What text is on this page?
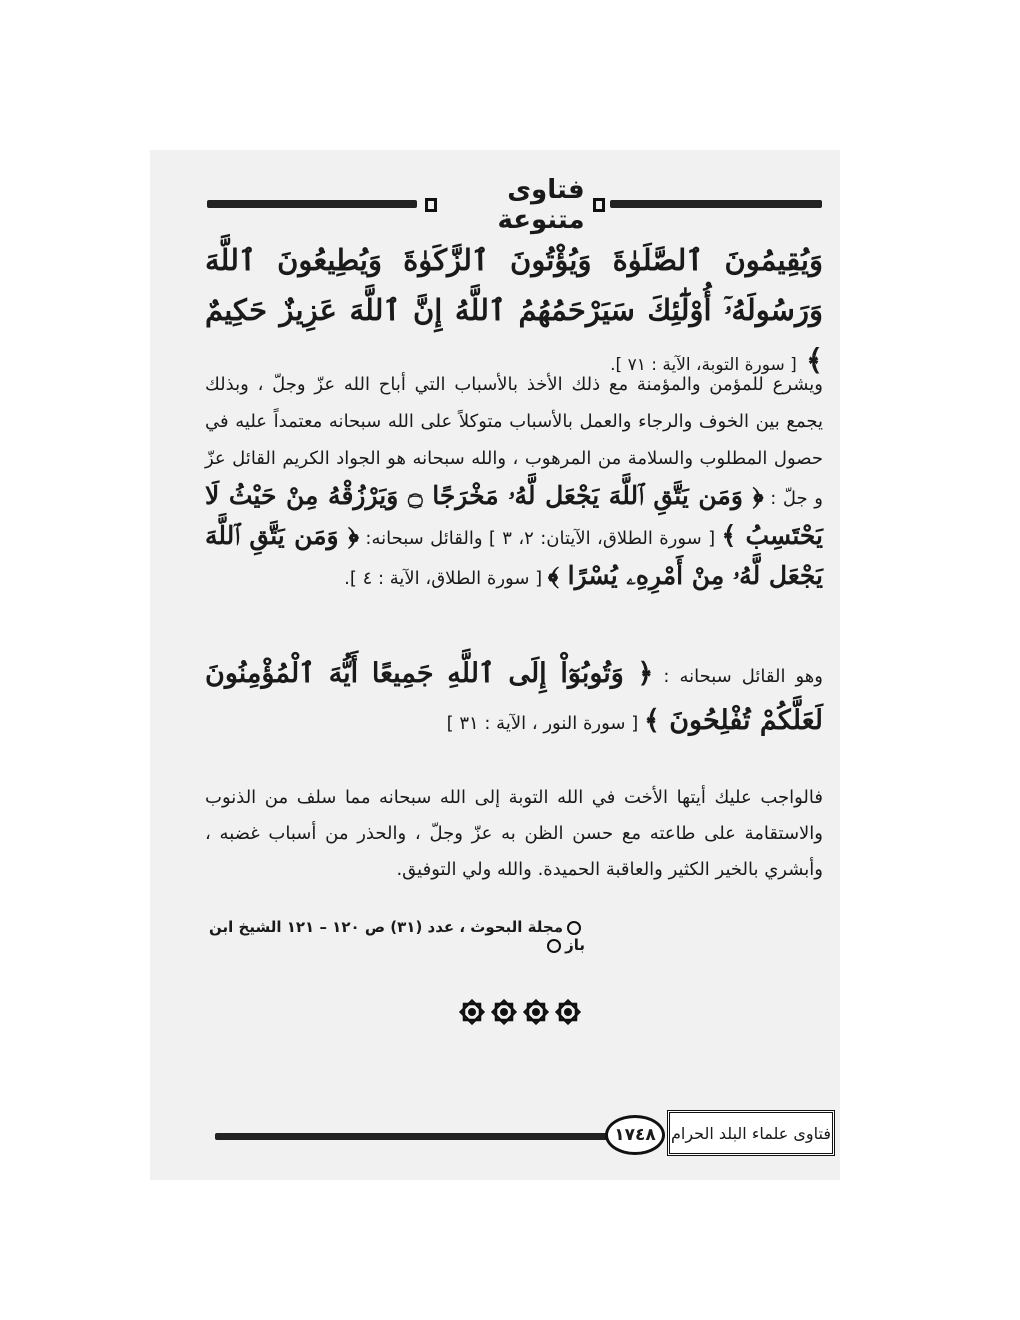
فتاوى متنوعة
وَيُقِيمُونَ ٱلصَّلَوٰةَ وَيُؤْتُونَ ٱلزَّكَوٰةَ وَيُطِيعُونَ ٱللَّهَ وَرَسُولَهُۥٓ أُوْلَٰٓئِكَ سَيَرْحَمُهُمُ ٱللَّهُ إِنَّ ٱللَّهَ عَزِيزٌ حَكِيمٌ ﴾ [ سورة التوبة، الآية : ٧١ ].
ويشرع للمؤمن والمؤمنة مع ذلك الأخذ بالأسباب التي أباح الله عزّ وجلّ ، وبذلك يجمع بين الخوف والرجاء والعمل بالأسباب متوكلاً على الله سبحانه معتمداً عليه في حصول المطلوب والسلامة من المرهوب ، والله سبحانه هو الجواد الكريم القائل عزّ و جلّ : ﴿ وَمَن يَتَّقِ ٱللَّهَ يَجْعَل لَّهُۥ مَخْرَجًا ۝ وَيَرْزُقْهُ مِنْ حَيْثُ لَا يَحْتَسِبُ ﴾ [ سورة الطلاق، الآيتان: ٢، ٣ ] والقائل سبحانه: ﴿ وَمَن يَتَّقِ ٱللَّهَ يَجْعَل لَّهُۥ مِنْ أَمْرِهِۦ يُسْرًا ﴾ [ سورة الطلاق، الآية : ٤ ].
وهو القائل سبحانه : ﴿ وَتُوبُوٓاْ إِلَى ٱللَّهِ جَمِيعًا أَيُّهَ ٱلْمُؤْمِنُونَ لَعَلَّكُمْ تُفْلِحُونَ ﴾ [ سورة النور ، الآية : ٣١ ]
فالواجب عليك أيتها الأخت في الله التوبة إلى الله سبحانه مما سلف من الذنوب والاستقامة على طاعته مع حسن الظن به عزّ وجلّ ، والحذر من أسباب غضبه ، وأبشري بالخير الكثير والعاقبة الحميدة. والله ولي التوفيق.
مجلة البحوث ، عدد (٣١) ص ١٢٠ – ١٢١ الشيخ ابن باز
١٧٤٨ فتاوى علماء البلد الحرام
